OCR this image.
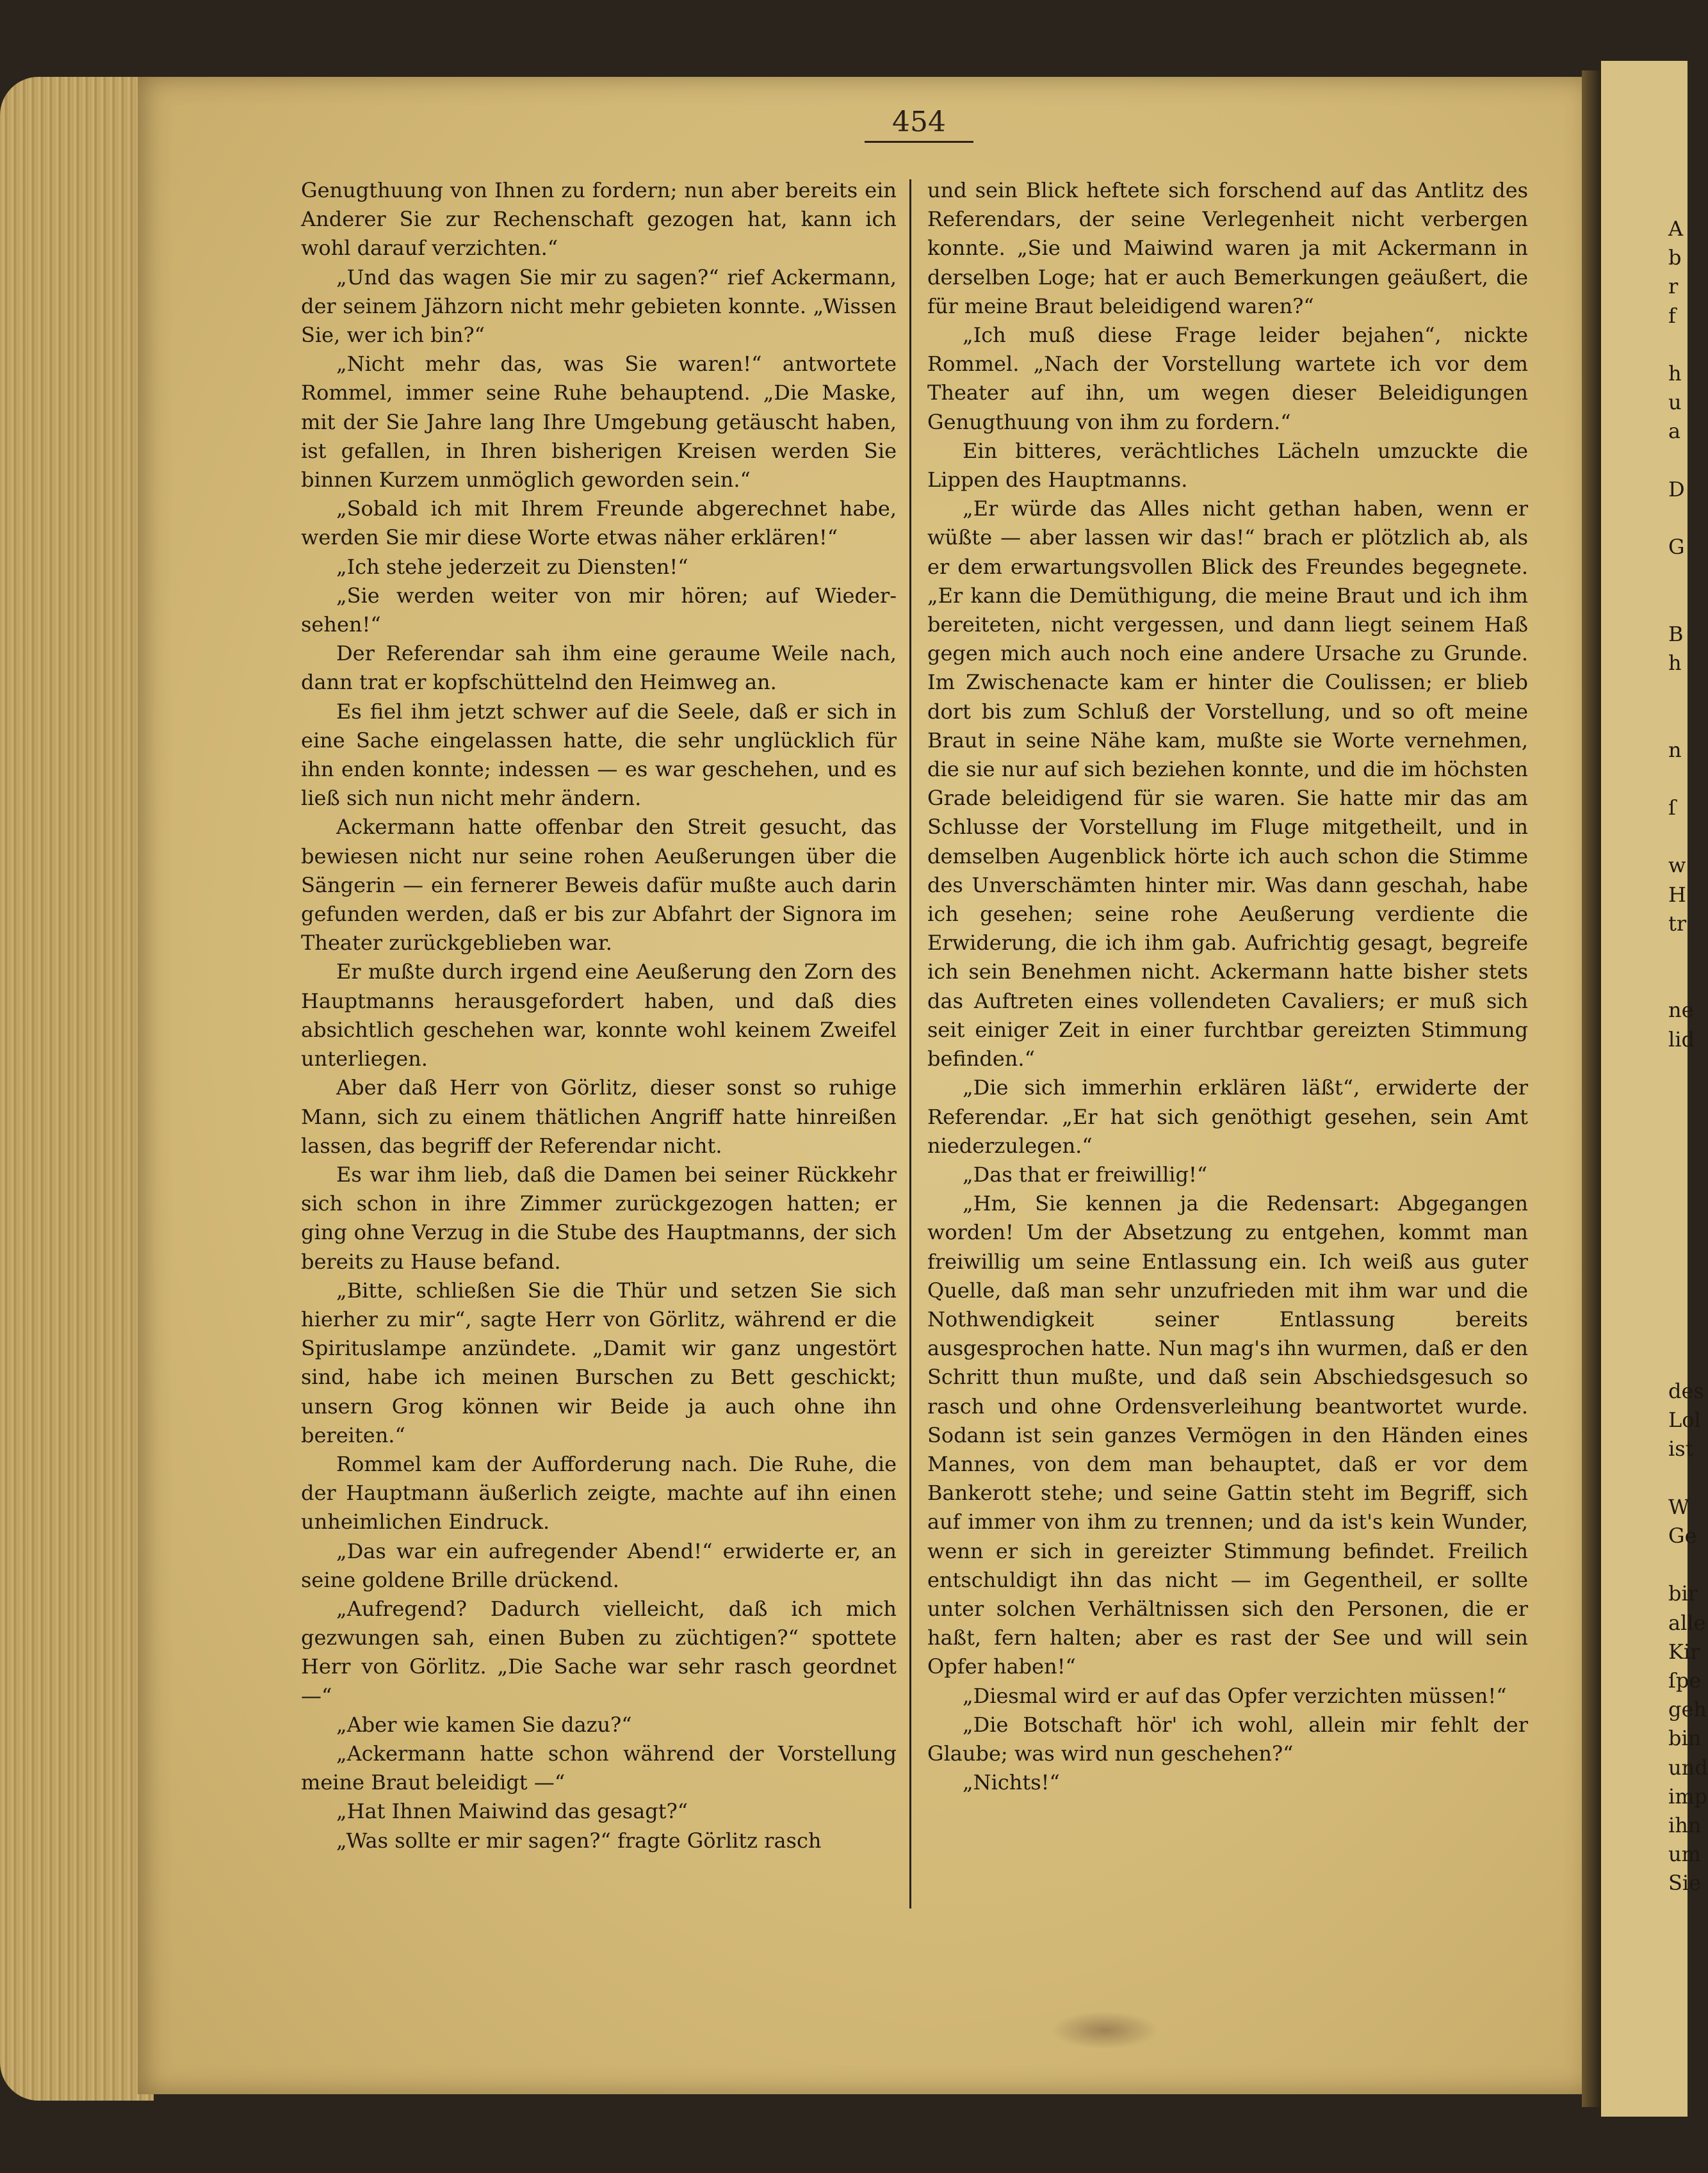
454

Genugthuung von Ihnen zu fordern; nun aber bereits ein Anderer Sie zur Rechenschaft gezogen hat, kann ich wohl darauf verzichten.“

„Und das wagen Sie mir zu sagen?“ rief Ackermann, der seinem Jähzorn nicht mehr gebieten konnte. „Wissen Sie, wer ich bin?“

„Nicht mehr das, was Sie waren!“ antwortete Rommel, immer seine Ruhe behauptend. „Die Maske, mit der Sie Jahre lang Ihre Umgebung getäuscht haben, ist gefallen, in Ihren bisherigen Kreisen werden Sie binnen Kurzem unmöglich geworden sein.“

„Sobald ich mit Ihrem Freunde abgerechnet habe, werden Sie mir diese Worte etwas näher erklären!“

„Ich stehe jederzeit zu Diensten!“

„Sie werden weiter von mir hören; auf Wiedersehen!“

Der Referendar sah ihm eine geraume Weile nach, dann trat er kopfschüttelnd den Heimweg an.

Es fiel ihm jetzt schwer auf die Seele, daß er sich in eine Sache eingelassen hatte, die sehr unglücklich für ihn enden konnte; indessen — es war geschehen, und es ließ sich nun nicht mehr ändern.

Ackermann hatte offenbar den Streit gesucht, das bewiesen nicht nur seine rohen Aeußerungen über die Sängerin — ein fernerer Beweis dafür mußte auch darin gefunden werden, daß er bis zur Abfahrt der Signora im Theater zurückgeblieben war.

Er mußte durch irgend eine Aeußerung den Zorn des Hauptmanns herausgefordert haben, und daß dies absichtlich geschehen war, konnte wohl keinem Zweifel unterliegen.

Aber daß Herr von Görlitz, dieser sonst so ruhige Mann, sich zu einem thätlichen Angriff hatte hinreißen lassen, das begriff der Referendar nicht.

Es war ihm lieb, daß die Damen bei seiner Rückkehr sich schon in ihre Zimmer zurückgezogen hatten; er ging ohne Verzug in die Stube des Hauptmanns, der sich bereits zu Hause befand.

„Bitte, schließen Sie die Thür und setzen Sie sich hierher zu mir“, sagte Herr von Görlitz, während er die Spirituslampe anzündete. „Damit wir ganz ungestört sind, habe ich meinen Burschen zu Bett geschickt; unsern Grog können wir Beide ja auch ohne ihn bereiten.“

Rommel kam der Aufforderung nach. Die Ruhe, die der Hauptmann äußerlich zeigte, machte auf ihn einen unheimlichen Eindruck.

„Das war ein aufregender Abend!“ erwiderte er, an seine goldene Brille drückend.

„Aufregend? Dadurch vielleicht, daß ich mich gezwungen sah, einen Buben zu züchtigen?“ spottete Herr von Görlitz. „Die Sache war sehr rasch geordnet —“

„Aber wie kamen Sie dazu?“

„Ackermann hatte schon während der Vorstellung meine Braut beleidigt —“

„Hat Ihnen Maiwind das gesagt?“

„Was sollte er mir sagen?“ fragte Görlitz rasch

und sein Blick heftete sich forschend auf das Antlitz des Referendars, der seine Verlegenheit nicht verbergen konnte. „Sie und Maiwind waren ja mit Ackermann in derselben Loge; hat er auch Bemerkungen geäußert, die für meine Braut beleidigend waren?“

„Ich muß diese Frage leider bejahen“, nickte Rommel. „Nach der Vorstellung wartete ich vor dem Theater auf ihn, um wegen dieser Beleidigungen Genugthuung von ihm zu fordern.“

Ein bitteres, verächtliches Lächeln umzuckte die Lippen des Hauptmanns.

„Er würde das Alles nicht gethan haben, wenn er wüßte — aber lassen wir das!“ brach er plötzlich ab, als er dem erwartungsvollen Blick des Freundes begegnete. „Er kann die Demüthigung, die meine Braut und ich ihm bereiteten, nicht vergessen, und dann liegt seinem Haß gegen mich auch noch eine andere Ursache zu Grunde. Im Zwischenacte kam er hinter die Coulissen; er blieb dort bis zum Schluß der Vorstellung, und so oft meine Braut in seine Nähe kam, mußte sie Worte vernehmen, die sie nur auf sich beziehen konnte, und die im höchsten Grade beleidigend für sie waren. Sie hatte mir das am Schlusse der Vorstellung im Fluge mitgetheilt, und in demselben Augenblick hörte ich auch schon die Stimme des Unverschämten hinter mir. Was dann geschah, habe ich gesehen; seine rohe Aeußerung verdiente die Erwiderung, die ich ihm gab. Aufrichtig gesagt, begreife ich sein Benehmen nicht. Ackermann hatte bisher stets das Auftreten eines vollendeten Cavaliers; er muß sich seit einiger Zeit in einer furchtbar gereizten Stimmung befinden.“

„Die sich immerhin erklären läßt“, erwiderte der Referendar. „Er hat sich genöthigt gesehen, sein Amt niederzulegen.“

„Das that er freiwillig!“

„Hm, Sie kennen ja die Redensart: Abgegangen worden! Um der Absetzung zu entgehen, kommt man freiwillig um seine Entlassung ein. Ich weiß aus guter Quelle, daß man sehr unzufrieden mit ihm war und die Nothwendigkeit seiner Entlassung bereits ausgesprochen hatte. Nun mag's ihn wurmen, daß er den Schritt thun mußte, und daß sein Abschiedsgesuch so rasch und ohne Ordensverleihung beantwortet wurde. Sodann ist sein ganzes Vermögen in den Händen eines Mannes, von dem man behauptet, daß er vor dem Bankerott stehe; und seine Gattin steht im Begriff, sich auf immer von ihm zu trennen; und da ist's kein Wunder, wenn er sich in gereizter Stimmung befindet. Freilich entschuldigt ihn das nicht — im Gegentheil, er sollte unter solchen Verhältnissen sich den Personen, die er haßt, fern halten; aber es rast der See und will sein Opfer haben!“

„Diesmal wird er auf das Opfer verzichten müssen!“

„Die Botschaft hör' ich wohl, allein mir fehlt der Glaube; was wird nun geschehen?“

„Nichts!“

A
b
r
f

h
u
a

D

G

B
h

n

ſ

w
H
tr

ne
lid
des
Lol
ist

W
Ge

bir
alle
Kir
ſpe
geh
bin
und
imp
ihn
um
Sie
